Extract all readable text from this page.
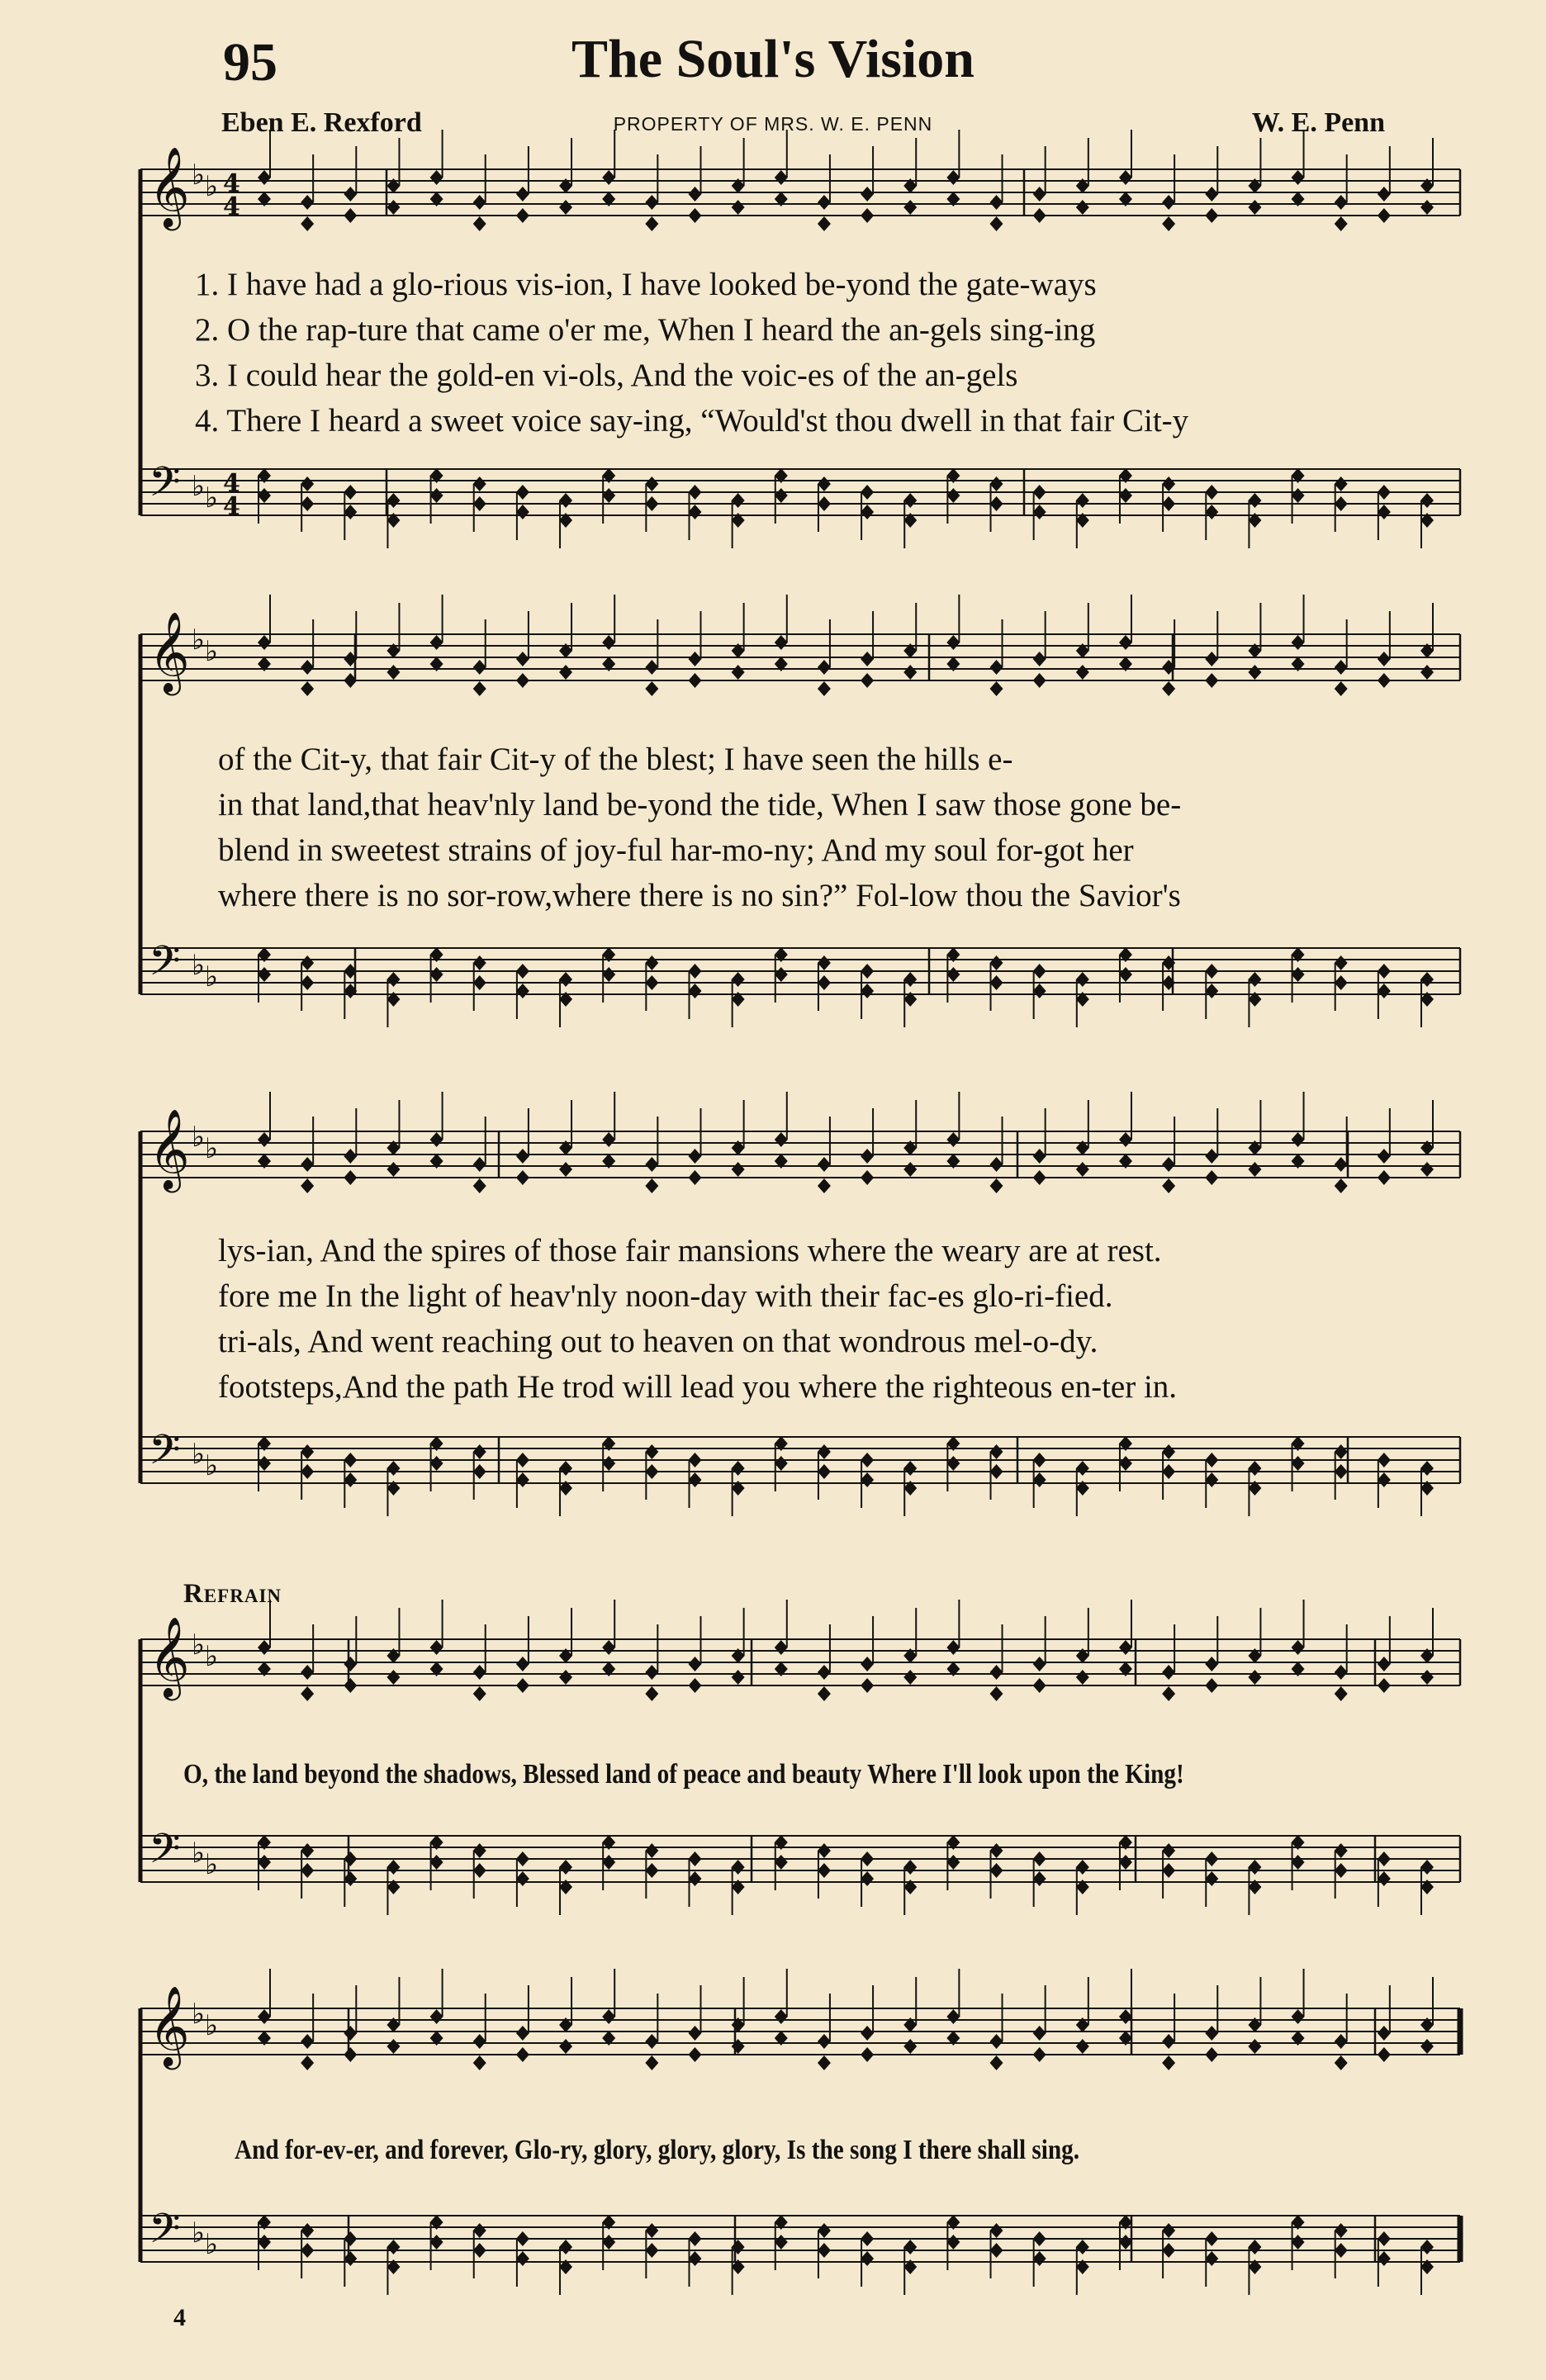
95	The Soul's Vision
Eben E. Rexford	PROPERTY OF MRS. W. E. PENN	W. E. Penn
𝄞 ♭ ♭ 4
4
𝄢 ♭ ♭ 4
4
𝄞 ♭ ♭
𝄢 ♭ ♭
𝄞 ♭ ♭
𝄢 ♭ ♭
𝄞 ♭ ♭
𝄢 ♭ ♭
𝄞 ♭ ♭
𝄢 ♭ ♭
1. I have had a glo-rious vis-ion, I have looked be-yond the gate-ways
2. O the rap-ture that came o'er me, When I heard the an-gels sing-ing
3. I could hear the gold-en vi-ols, And the voic-es of the an-gels
4. There I heard a sweet voice say-ing, “Would'st thou dwell in that fair Cit-y
of the Cit-y, that fair Cit-y of the blest; I have seen the hills e-
in that land,that heav'nly land be-yond the tide, When I saw those gone be-
blend in sweetest strains of joy-ful har-mo-ny; And my soul for-got her
where there is no sor-row,where there is no sin?” Fol-low thou the Savior's
lys-ian, And the spires of those fair mansions where the weary are at rest.
fore me In the light of heav'nly noon-day with their fac-es glo-ri-fied.
tri-als, And went reaching out to heaven on that wondrous mel-o-dy.
footsteps,And the path He trod will lead you where the righteous en-ter in.
Refrain
O, the land beyond the shadows, Blessed land of peace and beauty Where I'll look upon the King!
And for-ev-er, and forever, Glo-ry, glory, glory, glory, Is the song I there shall sing.
4
